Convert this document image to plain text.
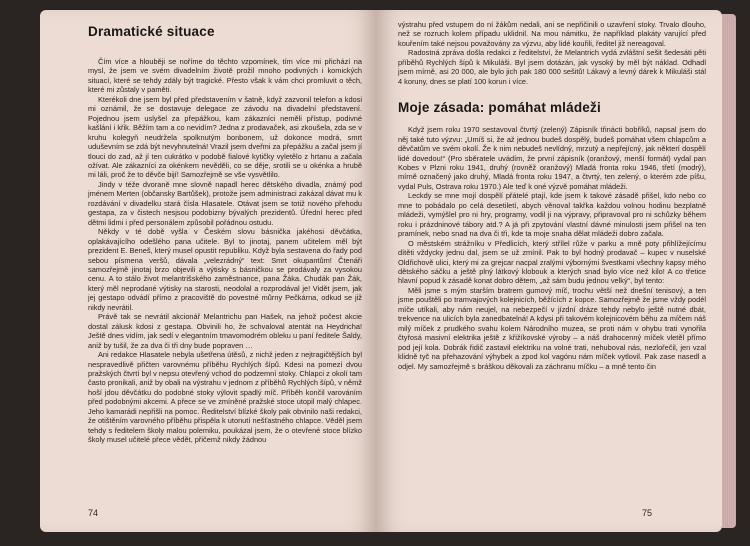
Dramatické situace

Čím více a hlouběji se noříme do těchto vzpomínek, tím více mi přichází na mysl, že jsem ve svém divadelním životě prožil mnoho podivných i komických situací, které se tehdy zdály být tragické. Přesto však k vám chci promluvit o těch, které mi zůstaly v paměti.

Kterékoli dne jsem byl před představením v šatně, když zazvonil telefon a kdosi mi oznámil, že se dostavuje delegace ze závodu na divadelní představení. Pojednou jsem uslyšel za přepážkou, kam zákazníci neměli přístup, podivné kašlání i křik. Běžím tam a co nevidím? Jedna z prodavaček, asi zkoušela, zda se v kruhu kolegyň neudržela spolknutým bonbonem, už dokonce modrá, smrt uduševním se zdá být nevyhnutelná! Vrazil jsem dveřmi za přepážku a začal jsem jí tlouci do zad, až jí ten cukrátko v podobě fialové kytičky vyletělo z hrtanu a začala ožívat. Ale zákazníci za okénkem nevěděli, co se děje, srotili se u okénka a hrubě mi láli, proč že to děvče bijí! Samozřejmě se vše vysvětlilo.

Jindy v téže dvoraně mne slovně napadl herec dětského divadla, známý pod jménem Merten (občansky Bartůšek), protože jsem administraci zakázal dávat mu k rozdávání v divadelku stará čísla Hlasatele. Otávat jsem se totiž nového přehodu gestapa, za v čistech nesjsou podobizny bývalých prezidentů. Úřední herec před dětmi lidmi i před personálem způsobil pořádnou ostudu.

Někdy v té době vyšla v Českém slovu básnička jakéhosi děvčátka, oplakávajícího odešlého pana učitele. Byl to jinotaj, panem učitelem měl být prezident E. Beneš, který musel opustit republiku. Když byla sestavena do řady pod sebou písmena veršů, dávala „velezrádný“ text: Smrt okupantům! Čtenáři samozřejmě jinotaj brzo objevili a výtisky s básničkou se prodávaly za vysokou cenu. A to stálo život melantrišského zaměstnance, pana Žáka. Chudák pan Žák, který měl neprodané výtisky na starosti, neodolal a rozprodával je! Vidět jsem, jak jej gestapo odvádí přímo z pracoviště do povestné můrny Pečkárna, odkud se již nikdy nevrátil.

Právě tak se nevrátil akcionář Melantrichu pan Hašek, na jehož počest akcie dostal zálusk kdosi z gestapa. Obvinili ho, že schvaloval atentát na Heydricha! Ještě dnes vidím, jak sedí v elegantním tmavomodrém obleku u paní ředitele Šaldy, aniž by tušil, že za dva či tři dny bude popraven …

Ani redakce Hlasatele nebyla ušetřena útěsů, z nichž jeden z nejtragičtějších byl nespravedlivě přičten varovnému příběhu Rychlých šípů. Kdesi na pomezí dvou pražských čtvrtí byl v nepsu otevřený vchod do podzemní stoky. Chlapci z okolí tam často pronikali, aniž by obali na výstrahu v jednom z příběhů Rychlých šípů, v němž hoší jdou děvčátku do podobné stoky výlovit spadlý míč. Příběh končil varováním před podobnými akcemi. A přece se ve zmíněné pražské stoce utopil malý chlapec. Jeho kamarádi nepřišli na pomoc. Ředitelství blízké školy pak obvinilo naši redakci, že otištěním varovného příběhu přispěla k utonutí nešťastného chlapce. Věděl jsem tehdy s ředitelem školy malou polemiku, poukázal jsem, že o otevřené stoce blízko školy musel učitelé přece vědět, přičemž nikdy žádnou

74

výstrahu před vstupem do ní žákům nedali, ani se nepřičinili o uzavření stoky. Trvalo dlouho, než se rozruch kolem případu uklidnil. Na mou námitku, že například plakáty varující před kouřením také nejsou považovány za výzvu, aby lidé kouřili, ředitel již nereagoval.

Radostná zpráva došla redakci z ředitelství, že Melantrich vydá zvláštní sešit šedesáti pěti příběhů Rychlých šípů k Mikuláši. Byl jsem dotázán, jak vysoký by měl být náklad. Odhadl jsem mírně, asi 20 000, ale bylo jich pak 180 000 sešitů! Lákavý a levný dárek k Mikuláši stál 4 koruny, dnes se platí 100 korun i více.

Moje zásada: pomáhat mládeži

Když jsem roku 1970 sestavoval čtvrtý (zelený) Zápisník třinácti bobříků, napsal jsem do něj také tuto výzvu: „Umíš si, že až jednou budeš dospělý, budeš pomáhat všem chlapcům a děvčatům ve svém okolí. Že k nim nebudeš nevlídný, mrzutý a nepřejícný, jak některí dospělí lidé dovedou!“ (Pro sběratele uvádím, že první zápisník (oranžový, menší formát) vydal pan Kobes v Plzni roku 1941, druhý (rovněž oranžový) Mladá fronta roku 1946, třetí (modrý), mírně označený jako druhý, Mladá fronta roku 1947, a čtvrtý, ten zelený, o kterém zde píšu, vydal Puls, Ostrava roku 1970.) Ale teď k oné výzvě pomáhat mládeži.

Leckdy se mne mojí dospělí přátelé ptají, kde jsem k takové zásadě přišel, kdo nebo co mne to pobádalo po celá desetiletí, abych věnoval takřka každou volnou hodinu bezplatně mládeži, vymýšlel pro ni hry, programy, vodil ji na výpravy, připravoval pro ni schůzky během roku i prázdninové tábory atd.? A já při zpytování vlastní dávné minulosti jsem přišel na ten pramínek, nebo snad na dva či tři, kde ta moje snaha dělat mládeži dobro začala.

O městském strážníku v Předlicích, který střílel růže v parku a mně poty přihlížejícímu dítěti vždycky jednu dal, jsem se už zmínil. Pak to byl hodný prodavač – kupec v nuselské Oldřichově ulici, který mi za grejcar nacpal zralými výbornými švestkami všechny kapsy mého dětského sáčku a ještě plný látkový klobouk a kterých snad bylo více než kilo! A co třetice hlavní popud k zásadě konat dobro dětem, „až sám budu jednou velký“, byl tento:

Měli jsme s mým starším bratrem gumový míč, trochu větší než dnešní tenisový, a ten jsme pouštěli po tramvajových kolejnicích, běžících z kopce. Samozřejmě že jsme vždy podél míče utíkali, aby nám neujel, na nebezpečí v jízdní dráze tehdy nebylo ještě nutné dbát, trekvence na ulicích byla zanedbatelná! A kdysi při takovém kolejnicovém běhu za míčem náš milý míček z prudkého svahu kolem Národního muzea, se proti nám v ohybu trati vynořila čtyřosá masivní elektrika ještě z křižíkovské výroby – a náš drahocenný míček vletěl přímo pod její kola. Dobrák řidič zastavil elektriku na volné trati, nehuboval nás, nezlořečil, jen vzal klidně tyč na přehazování výhybek a zpod kol vagónu nám míček vytlovil. Pak zase nasedl a odjel. My samozřejmě s bráškou děkovali za záchranu míčku – a mně tento čin

75
